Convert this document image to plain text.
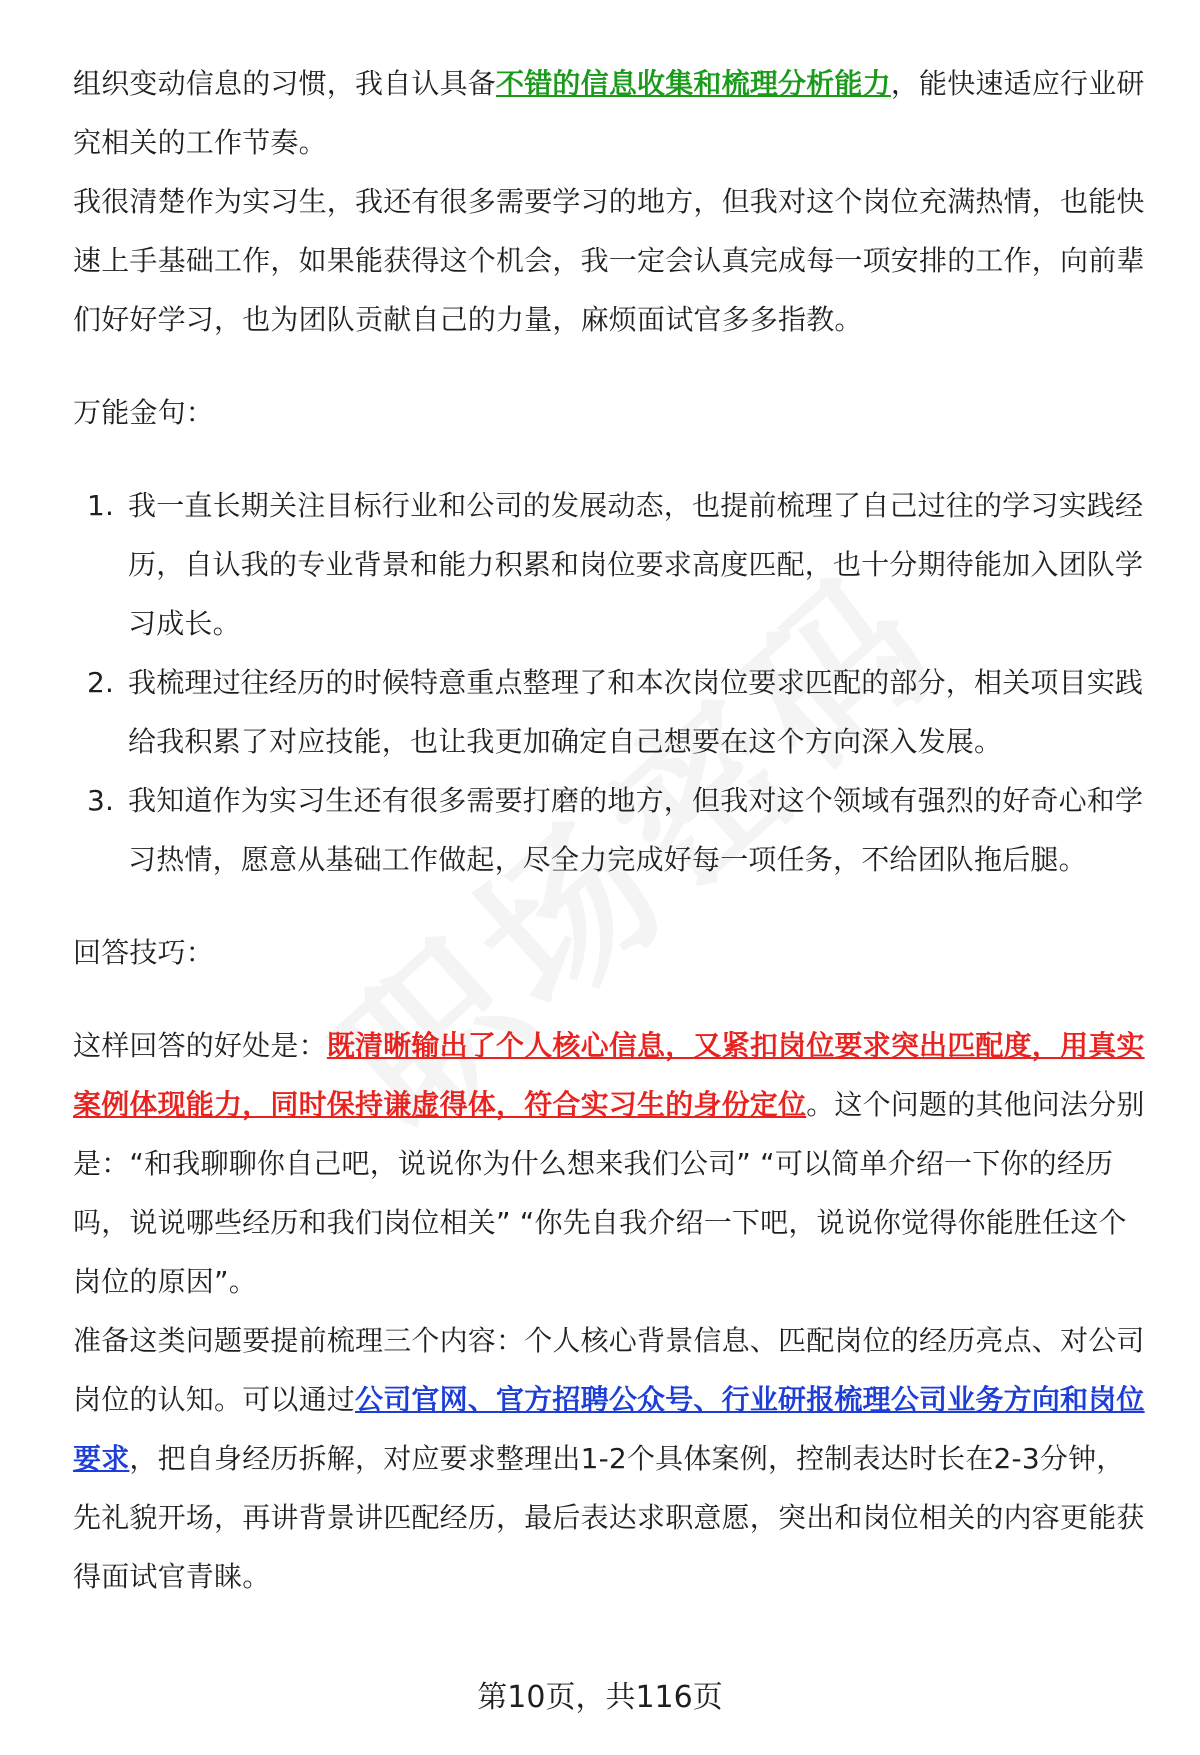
组织变动信息的习惯，我自认具备不错的信息收集和梳理分析能力，能快速适应行业研究相关的工作节奏。

我很清楚作为实习生，我还有很多需要学习的地方，但我对这个岗位充满热情，也能快速上手基础工作，如果能获得这个机会，我一定会认真完成每一项安排的工作，向前辈们好好学习，也为团队贡献自己的力量，麻烦面试官多多指教。

万能金句：

1. 我一直长期关注目标行业和公司的发展动态，也提前梳理了自己过往的学习实践经历，自认我的专业背景和能力积累和岗位要求高度匹配，也十分期待能加入团队学习成长。
2. 我梳理过往经历的时候特意重点整理了和本次岗位要求匹配的部分，相关项目实践给我积累了对应技能，也让我更加确定自己想要在这个方向深入发展。
3. 我知道作为实习生还有很多需要打磨的地方，但我对这个领域有强烈的好奇心和学习热情，愿意从基础工作做起，尽全力完成好每一项任务，不给团队拖后腿。

回答技巧：

这样回答的好处是：既清晰输出了个人核心信息，又紧扣岗位要求突出匹配度，用真实案例体现能力，同时保持谦虚得体，符合实习生的身份定位。这个问题的其他问法分别是：“和我聊聊你自己吧，说说你为什么想来我们公司” “可以简单介绍一下你的经历吗，说说哪些经历和我们岗位相关” “你先自我介绍一下吧，说说你觉得你能胜任这个岗位的原因”。

准备这类问题要提前梳理三个内容：个人核心背景信息、匹配岗位的经历亮点、对公司岗位的认知。可以通过公司官网、官方招聘公众号、行业研报梳理公司业务方向和岗位要求，把自身经历拆解，对应要求整理出1-2个具体案例，控制表达时长在2-3分钟，先礼貌开场，再讲背景讲匹配经历，最后表达求职意愿，突出和岗位相关的内容更能获得面试官青睐。

第10页，共116页
